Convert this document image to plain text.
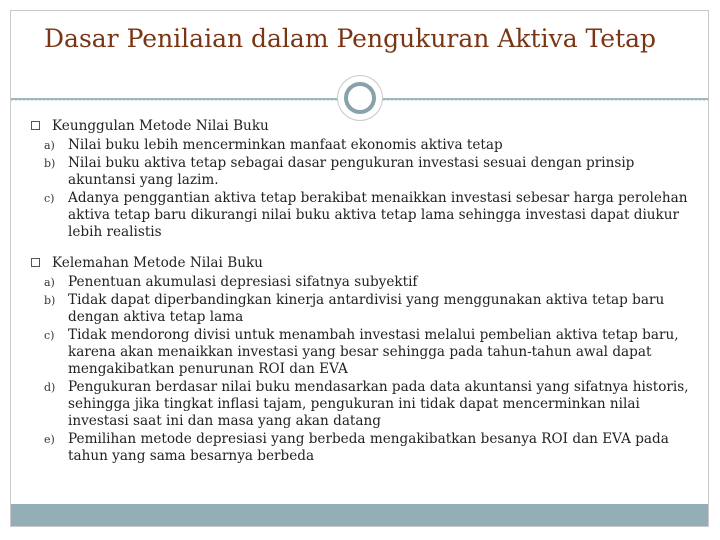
Dasar Penilaian dalam Pengukuran Aktiva Tetap
Keunggulan Metode Nilai Buku
a) Nilai buku lebih mencerminkan manfaat ekonomis aktiva tetap
b) Nilai buku aktiva tetap sebagai dasar pengukuran investasi sesuai dengan prinsip akuntansi yang lazim.
c) Adanya penggantian aktiva tetap berakibat menaikkan investasi sebesar harga perolehan aktiva tetap baru dikurangi nilai buku aktiva tetap lama sehingga investasi dapat diukur lebih realistis
Kelemahan Metode Nilai Buku
a) Penentuan akumulasi depresiasi sifatnya subyektif
b) Tidak dapat diperbandingkan kinerja antardivisi yang menggunakan aktiva tetap baru dengan aktiva tetap lama
c) Tidak mendorong divisi untuk menambah investasi melalui pembelian aktiva tetap baru, karena akan menaikkan investasi yang besar sehingga pada tahun-tahun awal dapat mengakibatkan penurunan ROI dan EVA
d) Pengukuran berdasar nilai buku mendasarkan pada data akuntansi yang sifatnya historis, sehingga jika tingkat inflasi tajam, pengukuran ini tidak dapat mencerminkan nilai investasi saat ini dan masa yang akan datang
e) Pemilihan metode depresiasi yang berbeda mengakibatkan besanya ROI dan EVA pada tahun yang sama besarnya berbeda
